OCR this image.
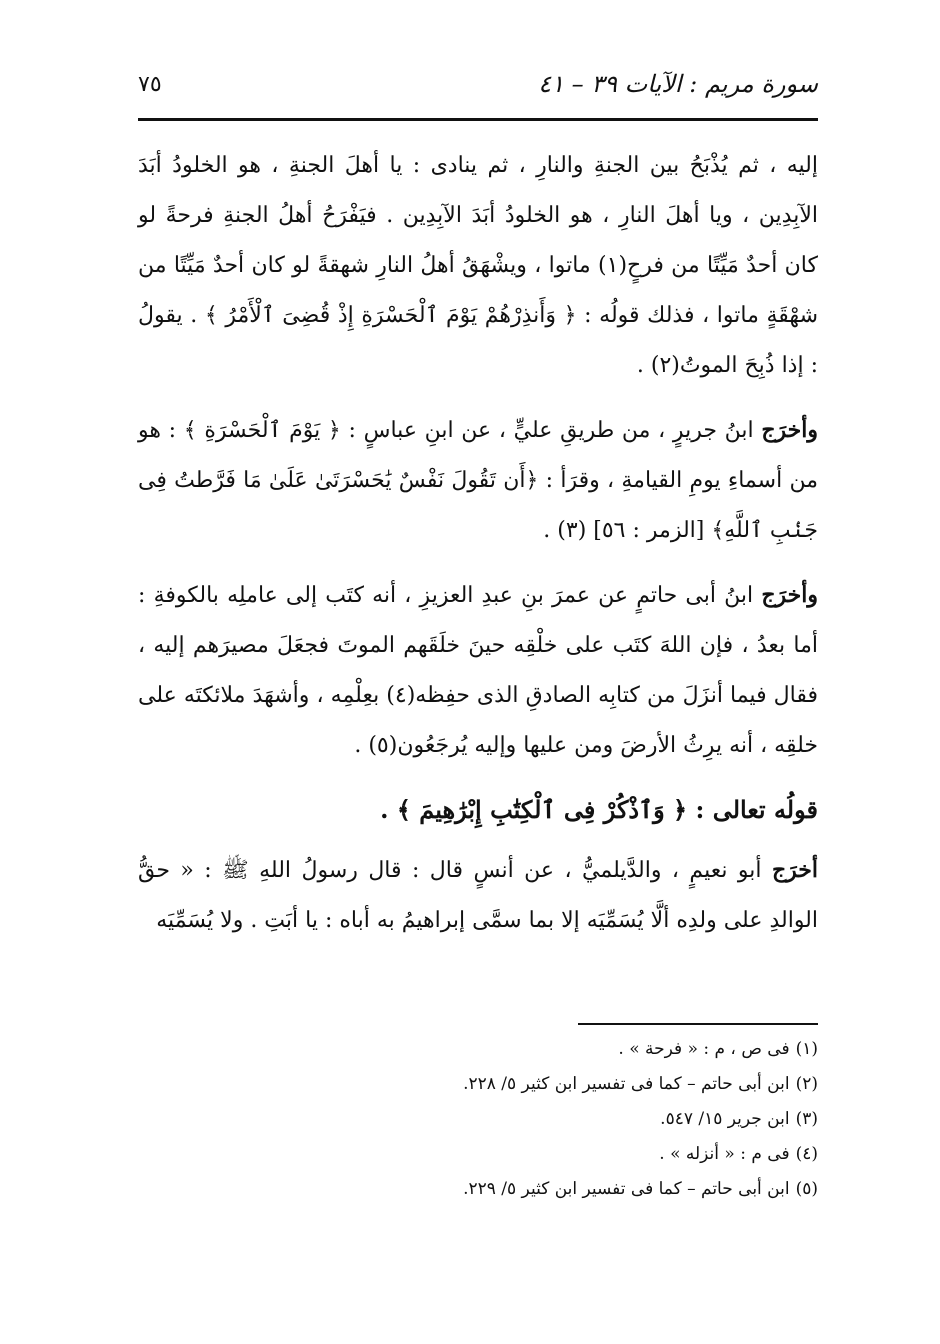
سورة مريم : الآيات ٣٩ – ٤١
٧٥

إليه ، ثم يُذْبَحُ بين الجنةِ والنارِ ، ثم ينادى : يا أهلَ الجنةِ ، هو الخلودُ أبَدَ الآبِدِين ، ويا أهلَ النارِ ، هو الخلودُ أبَدَ الآبِدِين . فيَفْرَحُ أهلُ الجنةِ فرحةً لو كان أحدٌ مَيِّتًا من فرحٍ(١) ماتوا ، ويشْهَقُ أهلُ النارِ شهقةً لو كان أحدٌ مَيِّتًا من شهْقَةٍ ماتوا ، فذلك قولُه : ﴿ وَأَنذِرْهُمْ يَوْمَ ٱلْحَسْرَةِ إِذْ قُضِىَ ٱلْأَمْرُ ﴾ . يقولُ : إذا ذُبِحَ الموتُ(٢) .

وأخرَج ابنُ جريرٍ ، من طريقِ عليٍّ ، عن ابنِ عباسٍ : ﴿ يَوْمَ ٱلْحَسْرَةِ ﴾ : هو من أسماءِ يومِ القيامةِ ، وقرَأ : ﴿أَن تَقُولَ نَفْسٌ يَٰحَسْرَتَىٰ عَلَىٰ مَا فَرَّطتُ فِى جَنۢبِ ٱللَّهِ﴾ [الزمر : ٥٦] (٣) .

وأخرَج ابنُ أبى حاتمٍ عن عمرَ بنِ عبدِ العزيزِ ، أنه كتَب إلى عاملِه بالكوفةِ : أما بعدُ ، فإن اللهَ كتَب على خلْقِه حينَ خلَقَهم الموتَ فجعَلَ مصيرَهم إليه ، فقال فيما أنزَلَ من كتابِه الصادقِ الذى حفِظه(٤) بعِلْمِه ، وأشهَدَ ملائكتَه على خلقِه ، أنه يرِثُ الأرضَ ومن عليها وإليه يُرجَعُون(٥) .

قولُه تعالى : ﴿ وَٱذْكُرْ فِى ٱلْكِتَٰبِ إِبْرَٰهِيمَ ﴾ .

أخرَج أبو نعيمٍ ، والدَّيلميُّ ، عن أنسٍ قال : قال رسولُ اللهِ ﷺ : « حقُّ الوالدِ على ولدِه ألَّا يُسَمِّيَه إلا بما سمَّى إبراهيمُ به أباه : يا أبَتِ . ولا يُسَمِّيَه

(١)فى ص ، م : « فرحة » .
(٢)ابن أبى حاتم – كما فى تفسير ابن كثير ٥/ ٢٢٨.
(٣)ابن جرير ١٥/ ٥٤٧.
(٤)فى م : « أنزله » .
(٥)ابن أبى حاتم – كما فى تفسير ابن كثير ٥/ ٢٢٩.
